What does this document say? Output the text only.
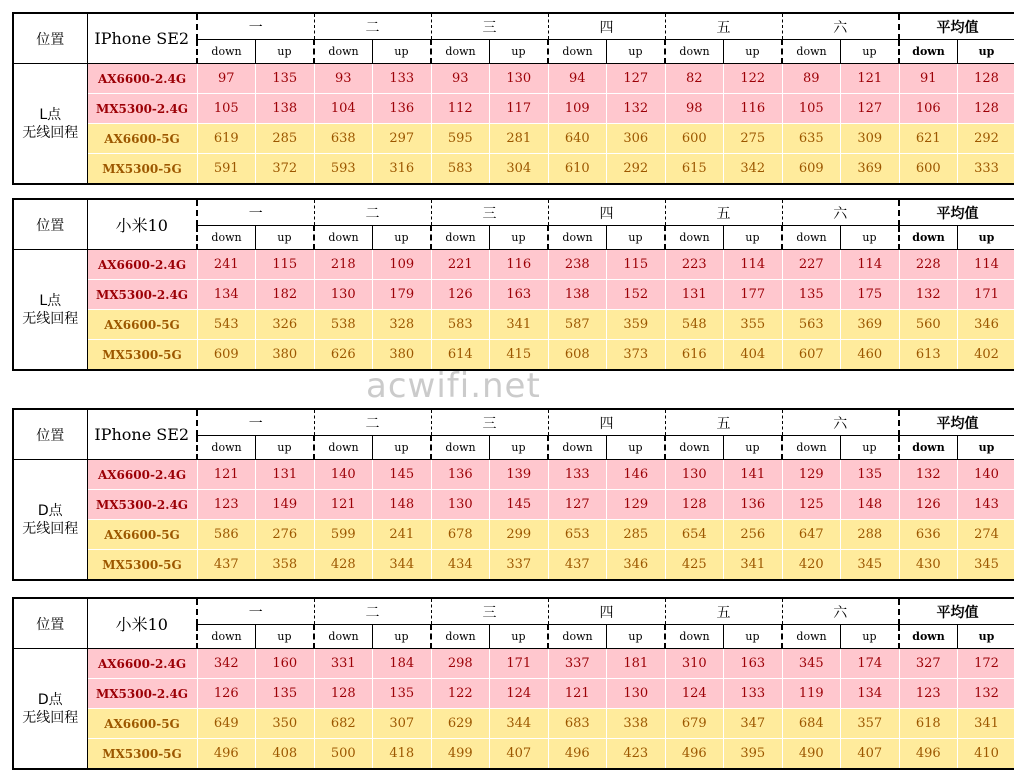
位置	IPhone SE2	一		二		三		四		五		六		平均值	
		down	up	down	up	down	up	down	up	down	up	down	up	down	up

L点
无线回程	AX6600-2.4G	97	135	93	133	93	130	94	127	82	122	89	121	91	128
	MX5300-2.4G	105	138	104	136	112	117	109	132	98	116	105	127	106	128
	AX6600-5G	619	285	638	297	595	281	640	306	600	275	635	309	621	292
	MX5300-5G	591	372	593	316	583	304	610	292	615	342	609	369	600	333
位置	小米10	一		二		三		四		五		六		平均值	
		down	up	down	up	down	up	down	up	down	up	down	up	down	up

L点
无线回程	AX6600-2.4G	241	115	218	109	221	116	238	115	223	114	227	114	228	114
	MX5300-2.4G	134	182	130	179	126	163	138	152	131	177	135	175	132	171
	AX6600-5G	543	326	538	328	583	341	587	359	548	355	563	369	560	346
	MX5300-5G	609	380	626	380	614	415	608	373	616	404	607	460	613	402
位置	IPhone SE2	一		二		三		四		五		六		平均值	
		down	up	down	up	down	up	down	up	down	up	down	up	down	up

D点
无线回程	AX6600-2.4G	121	131	140	145	136	139	133	146	130	141	129	135	132	140
	MX5300-2.4G	123	149	121	148	130	145	127	129	128	136	125	148	126	143
	AX6600-5G	586	276	599	241	678	299	653	285	654	256	647	288	636	274
	MX5300-5G	437	358	428	344	434	337	437	346	425	341	420	345	430	345
位置	小米10	一		二		三		四		五		六		平均值	
		down	up	down	up	down	up	down	up	down	up	down	up	down	up

D点
无线回程	AX6600-2.4G	342	160	331	184	298	171	337	181	310	163	345	174	327	172
	MX5300-2.4G	126	135	128	135	122	124	121	130	124	133	119	134	123	132
	AX6600-5G	649	350	682	307	629	344	683	338	679	347	684	357	618	341
	MX5300-5G	496	408	500	418	499	407	496	423	496	395	490	407	496	410
acwifi.net
